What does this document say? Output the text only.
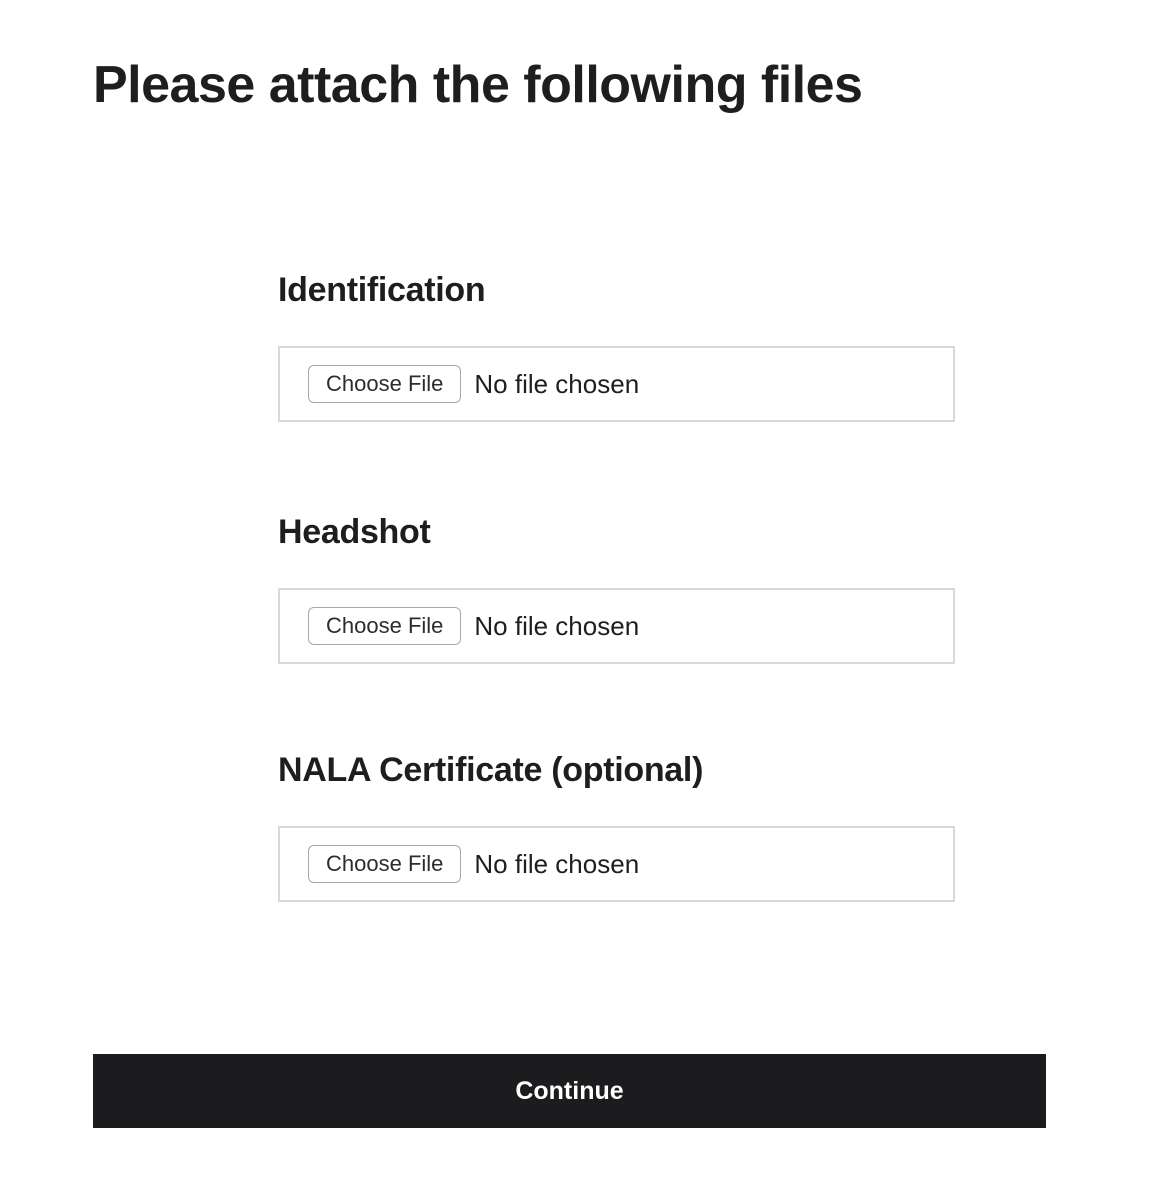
Please attach the following files
Identification
Choose File	No file chosen
Headshot
Choose File	No file chosen
NALA Certificate (optional)
Choose File	No file chosen
Continue
